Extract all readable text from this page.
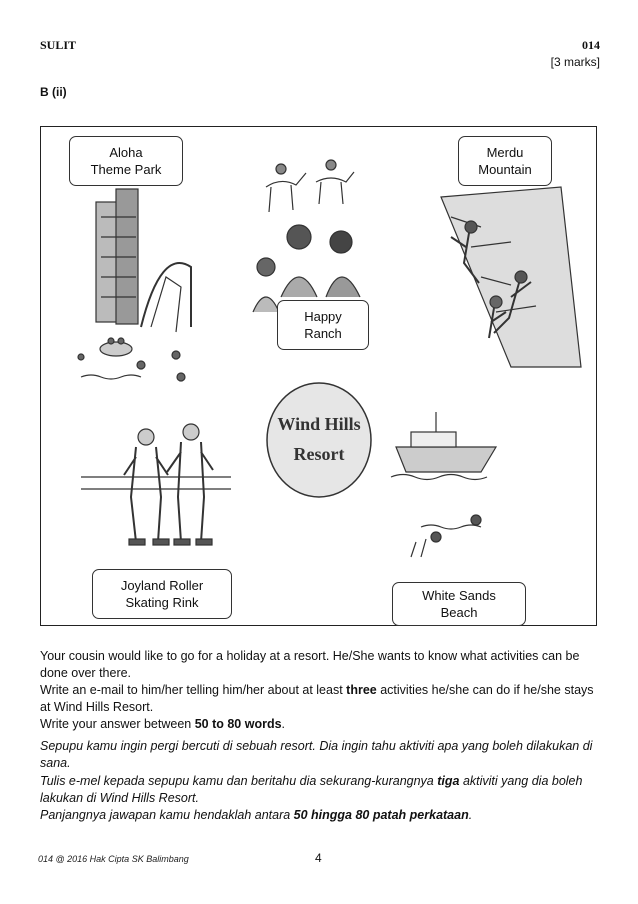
SULIT	014
[3 marks]
B (ii)
Wind Hills
Resort
Aloha
Theme Park
Merdu
Mountain
Happy
Ranch
Joyland Roller
Skating Rink	White Sands
Beach
Your cousin would like to go for a holiday at a resort. He/She wants to know what activities can be done over there.
Write an e-mail to him/her telling him/her about at least three activities he/she can do if he/she stays at Wind Hills Resort.
Write your answer between 50 to 80 words.
Sepupu kamu ingin pergi bercuti di sebuah resort. Dia ingin tahu aktiviti apa yang boleh dilakukan di sana.
Tulis e-mel kepada sepupu kamu dan beritahu dia sekurang-kurangnya tiga aktiviti yang dia boleh lakukan di Wind Hills Resort.
Panjangnya jawapan kamu hendaklah antara 50 hingga 80 patah perkataan.
014 @ 2016 Hak Cipta SK Balimbang	4
